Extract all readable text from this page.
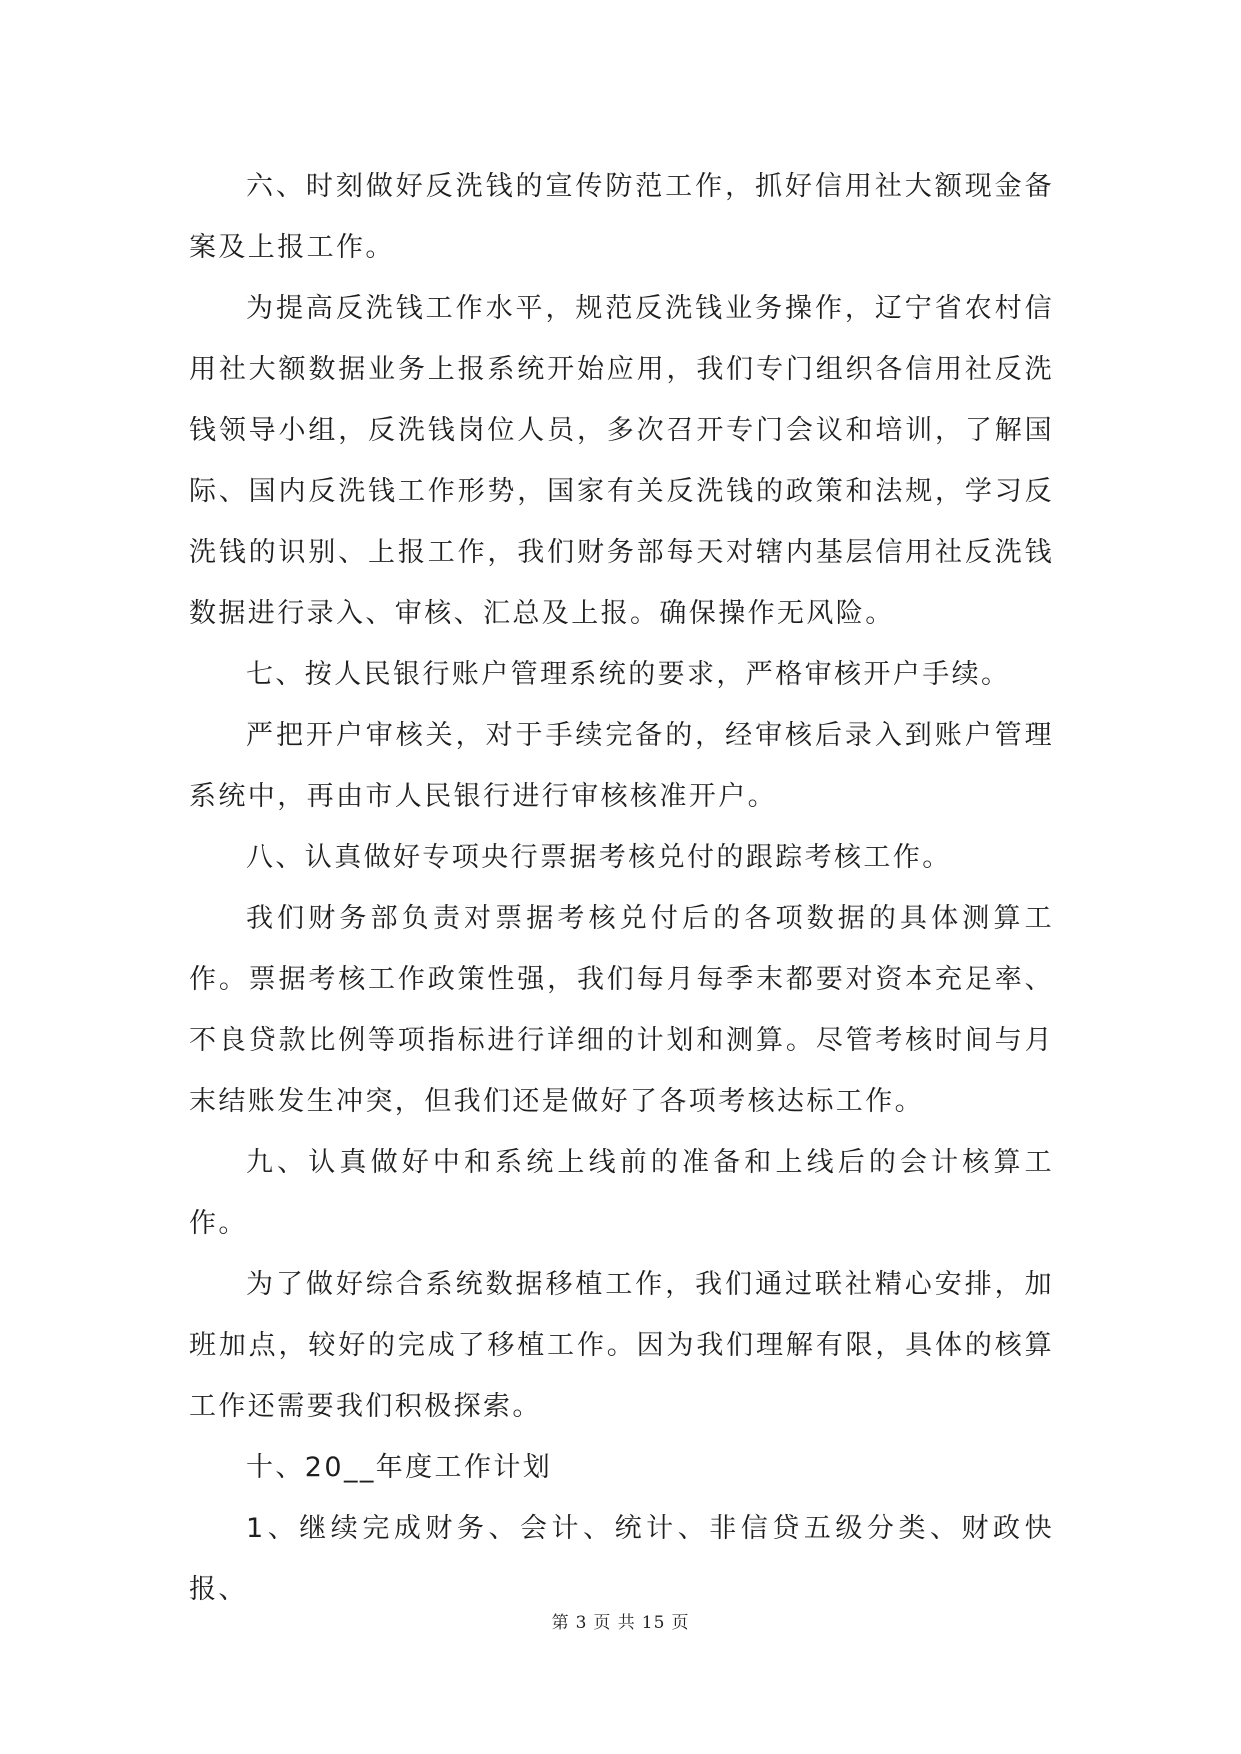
六、时刻做好反洗钱的宣传防范工作，抓好信用社大额现金备案及上报工作。

为提高反洗钱工作水平，规范反洗钱业务操作，辽宁省农村信用社大额数据业务上报系统开始应用，我们专门组织各信用社反洗钱领导小组，反洗钱岗位人员，多次召开专门会议和培训，了解国际、国内反洗钱工作形势，国家有关反洗钱的政策和法规，学习反洗钱的识别、上报工作，我们财务部每天对辖内基层信用社反洗钱数据进行录入、审核、汇总及上报。确保操作无风险。

七、按人民银行账户管理系统的要求，严格审核开户手续。

严把开户审核关，对于手续完备的，经审核后录入到账户管理系统中，再由市人民银行进行审核核准开户。

八、认真做好专项央行票据考核兑付的跟踪考核工作。

我们财务部负责对票据考核兑付后的各项数据的具体测算工作。票据考核工作政策性强，我们每月每季末都要对资本充足率、不良贷款比例等项指标进行详细的计划和测算。尽管考核时间与月末结账发生冲突，但我们还是做好了各项考核达标工作。

九、认真做好中和系统上线前的准备和上线后的会计核算工作。

为了做好综合系统数据移植工作，我们通过联社精心安排，加班加点，较好的完成了移植工作。因为我们理解有限，具体的核算工作还需要我们积极探索。

十、20__年度工作计划

1、继续完成财务、会计、统计、非信贷五级分类、财政快报、

第 3 页 共 15 页
